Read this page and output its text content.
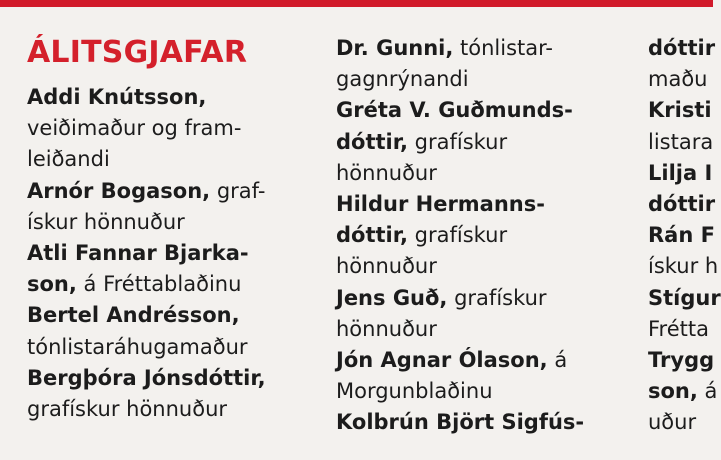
ÁLITSGJAFAR
Addi Knútsson,
veiðimaður og fram-
leiðandi
Arnór Bogason, graf-
ískur hönnuður
Atli Fannar Bjarka-
son, á Fréttablaðinu
Bertel Andrésson,
tónlistaráhugamaður
Bergþóra Jónsdóttir,
grafískur hönnuður
Dr. Gunni, tónlistar-
gagnrýnandi
Gréta V. Guðmunds-
dóttir, grafískur
hönnuður
Hildur Hermanns-
dóttir, grafískur
hönnuður
Jens Guð, grafískur
hönnuður
Jón Agnar Ólason, á
Morgunblaðinu
Kolbrún Björt Sigfús-
dóttir
maðu
Kristi
listarа
Lilja I
dóttir
Rán F
ískur h
Stígur
Frétta
Trygg
son, á
uður
